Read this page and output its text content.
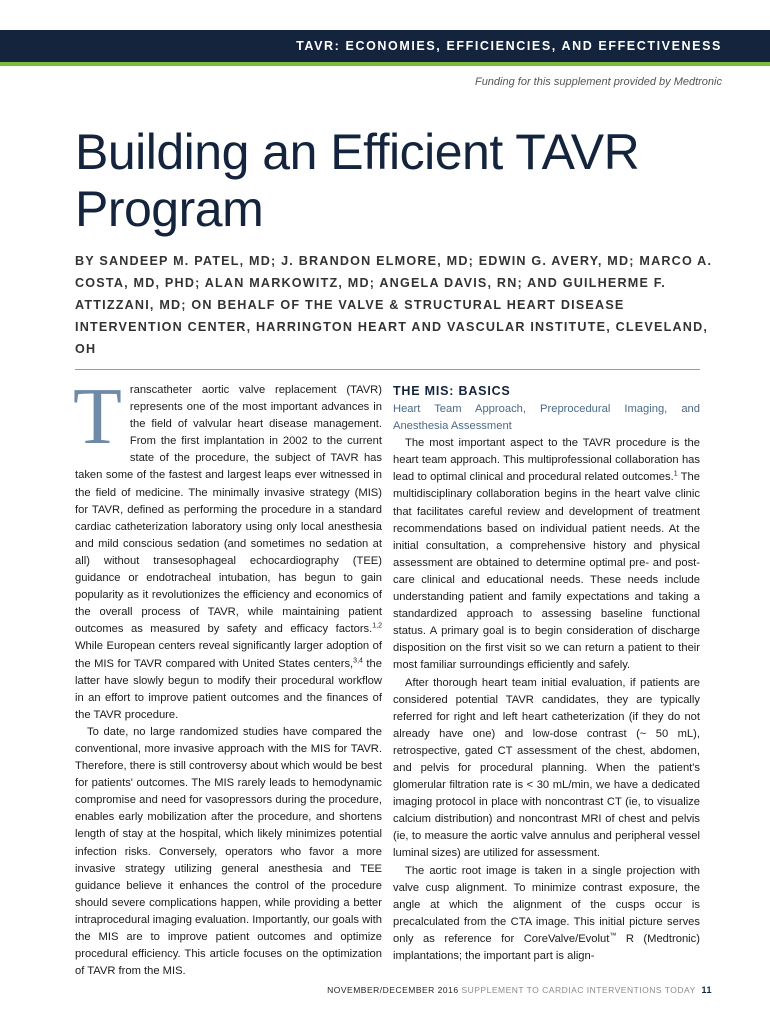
TAVR: ECONOMIES, EFFICIENCIES, AND EFFECTIVENESS
Funding for this supplement provided by Medtronic
Building an Efficient TAVR Program

BY SANDEEP M. PATEL, MD; J. BRANDON ELMORE, MD; EDWIN G. AVERY, MD; MARCO A. COSTA, MD, PHD; ALAN MARKOWITZ, MD; ANGELA DAVIS, RN; AND GUILHERME F. ATTIZZANI, MD; ON BEHALF OF THE VALVE & STRUCTURAL HEART DISEASE INTERVENTION CENTER, HARRINGTON HEART AND VASCULAR INSTITUTE, CLEVELAND, OH

Transcatheter aortic valve replacement (TAVR) represents one of the most important advances in the field of valvular heart disease management. From the first implantation in 2002 to the current state of the procedure, the subject of TAVR has taken some of the fastest and largest leaps ever witnessed in the field of medicine. The minimally invasive strategy (MIS) for TAVR, defined as performing the procedure in a standard cardiac catheterization laboratory using only local anesthesia and mild conscious sedation (and sometimes no sedation at all) without transesophageal echocardiography (TEE) guidance or endotracheal intubation, has begun to gain popularity as it revolutionizes the efficiency and economics of the overall process of TAVR, while maintaining patient outcomes as measured by safety and efficacy factors.$^{1,2}$ While European centers reveal significantly larger adoption of the MIS for TAVR compared with United States centers,$^{3,4}$ the latter have slowly begun to modify their procedural workflow in an effort to improve patient outcomes and the finances of the TAVR procedure.

To date, no large randomized studies have compared the conventional, more invasive approach with the MIS for TAVR. Therefore, there is still controversy about which would be best for patients' outcomes. The MIS rarely leads to hemodynamic compromise and need for vasopressors during the procedure, enables early mobilization after the procedure, and shortens length of stay at the hospital, which likely minimizes potential infection risks. Conversely, operators who favor a more invasive strategy utilizing general anesthesia and TEE guidance believe it enhances the control of the procedure should severe complications happen, while providing a better intraprocedural imaging evaluation. Importantly, our goals with the MIS are to improve patient outcomes and optimize procedural efficiency. This article focuses on the optimization of TAVR from the MIS.

THE MIS: BASICS

Heart Team Approach, Preprocedural Imaging, and Anesthesia Assessment

The most important aspect to the TAVR procedure is the heart team approach. This multiprofessional collaboration has lead to optimal clinical and procedural related outcomes.$^1$ The multidisciplinary collaboration begins in the heart valve clinic that facilitates careful review and development of treatment recommendations based on individual patient needs. At the initial consultation, a comprehensive history and physical assessment are obtained to determine optimal pre- and post-care clinical and educational needs. These needs include understanding patient and family expectations and taking a standardized approach to assessing baseline functional status. A primary goal is to begin consideration of discharge disposition on the first visit so we can return a patient to their most familiar surroundings efficiently and safely.

After thorough heart team initial evaluation, if patients are considered potential TAVR candidates, they are typically referred for right and left heart catheterization (if they do not already have one) and low-dose contrast (~ 50 mL), retrospective, gated CT assessment of the chest, abdomen, and pelvis for procedural planning. When the patient's glomerular filtration rate is < 30 mL/min, we have a dedicated imaging protocol in place with noncontrast CT (ie, to visualize calcium distribution) and noncontrast MRI of chest and pelvis (ie, to measure the aortic valve annulus and peripheral vessel luminal sizes) are utilized for assessment.

The aortic root image is taken in a single projection with valve cusp alignment. To minimize contrast exposure, the angle at which the alignment of the cusps occur is precalculated from the CTA image. This initial picture serves only as reference for CoreValve/Evolut™ R (Medtronic) implantations; the important part is align-

NOVEMBER/DECEMBER 2016 SUPPLEMENT TO CARDIAC INTERVENTIONS TODAY 11
